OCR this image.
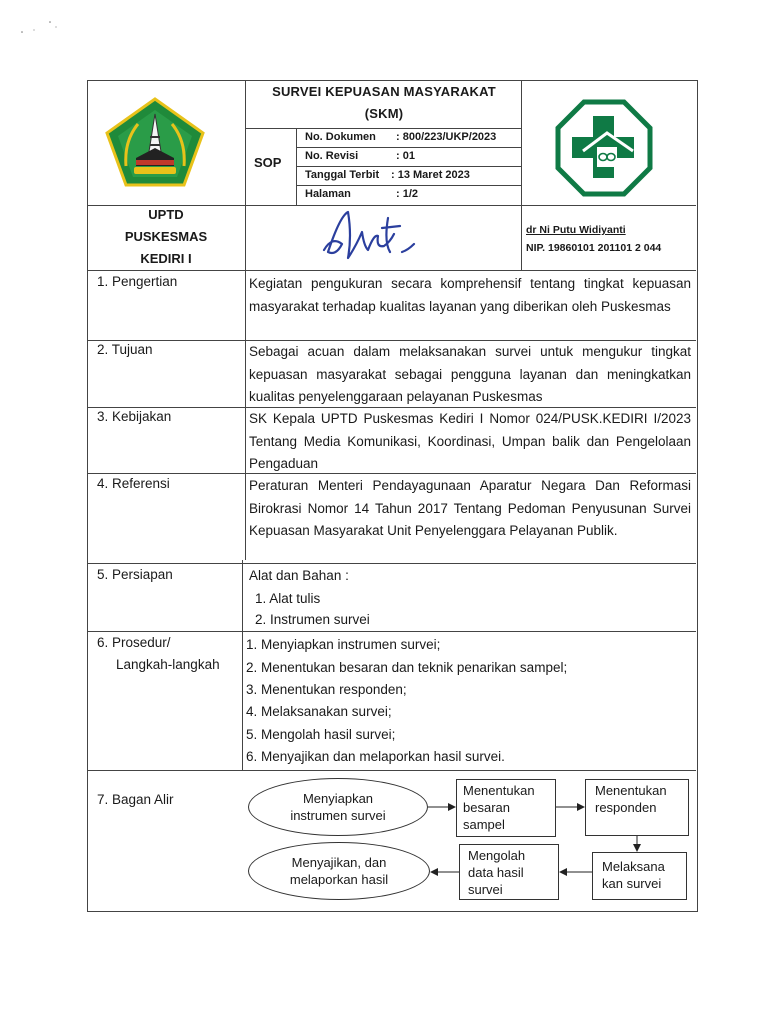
SURVEI KEPUASAN MASYARAKAT
(SKM)
SOP
No. Dokumen : 800/223/UKP/2023
No. Revisi	: 01
Tanggal Terbit : 13 Maret 2023
Halaman	: 1/2
UPTD
PUSKESMAS
KEDIRI I
dr Ni Putu Widiyanti
NIP. 19860101 201101 2 044
1. Pengertian	Kegiatan pengukuran secara komprehensif tentang tingkat kepuasan masyarakat terhadap kualitas layanan yang diberikan oleh Puskesmas
2. Tujuan	Sebagai acuan dalam melaksanakan survei untuk mengukur tingkat kepuasan masyarakat sebagai pengguna layanan dan meningkatkan kualitas penyelenggaraan pelayanan Puskesmas
3. Kebijakan	SK Kepala UPTD Puskesmas Kediri I Nomor 024/PUSK.KEDIRI I/2023 Tentang Media Komunikasi, Koordinasi, Umpan balik dan Pengelolaan Pengaduan
4. Referensi	Peraturan Menteri Pendayagunaan Aparatur Negara Dan Reformasi Birokrasi Nomor 14 Tahun 2017 Tentang Pedoman Penyusunan Survei Kepuasan Masyarakat Unit Penyelenggara Pelayanan Publik.
5. Persiapan	Alat dan Bahan :
1. Alat tulis
2. Instrumen survei
6. Prosedur/
Langkah-langkah
1. Menyiapkan instrumen survei;
2. Menentukan besaran dan teknik penarikan sampel;
3. Menentukan responden;
4. Melaksanakan survei;
5. Mengolah hasil survei;
6. Menyajikan dan melaporkan hasil survei.
7. Bagan Alir	Menyiapkan
instrumen survei
Menentukan
besaran
sampel
Menentukan
responden
Melaksana
kan survei
Mengolah
data hasil
survei
Menyajikan, dan
melaporkan hasil
